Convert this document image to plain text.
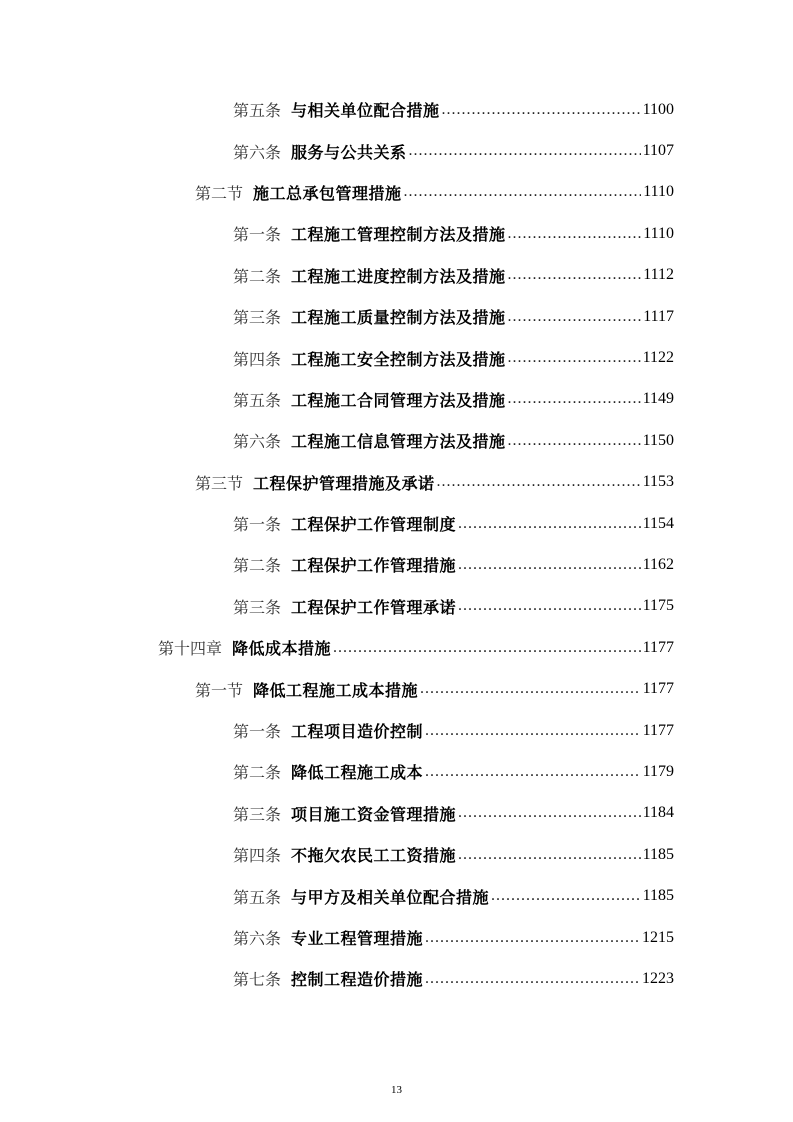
第五条 与相关单位配合措施 .....	1100
第六条 服务与公共关系 .....	1107
第二节 施工总承包管理措施 .....	1110
第一条 工程施工管理控制方法及措施 .....	1110
第二条 工程施工进度控制方法及措施 .....	1112
第三条 工程施工质量控制方法及措施 .....	1117
第四条 工程施工安全控制方法及措施 .....	1122
第五条 工程施工合同管理方法及措施 .....	1149
第六条 工程施工信息管理方法及措施 .....	1150
第三节 工程保护管理措施及承诺 .....	1153
第一条 工程保护工作管理制度 .....	1154
第二条 工程保护工作管理措施 .....	1162
第三条 工程保护工作管理承诺 .....	1175
第十四章 降低成本措施 .....	1177
第一节 降低工程施工成本措施 .....	1177
第一条 工程项目造价控制 .....	1177
第二条 降低工程施工成本 .....	1179
第三条 项目施工资金管理措施 .....	1184
第四条 不拖欠农民工工资措施 .....	1185
第五条 与甲方及相关单位配合措施 .....	1185
第六条 专业工程管理措施 .....	1215
第七条 控制工程造价措施 .....	1223
13
